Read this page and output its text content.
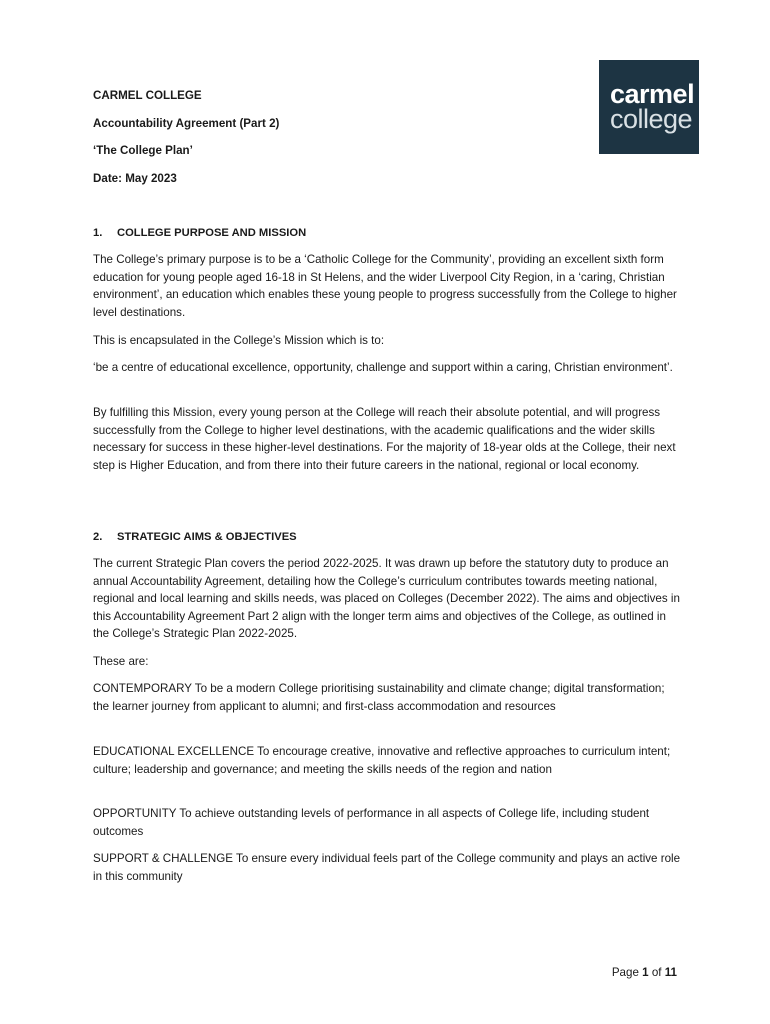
carmel
college
CARMEL COLLEGE
Accountability Agreement (Part 2)
‘The College Plan’
Date: May 2023
1. COLLEGE PURPOSE AND MISSION
The College’s primary purpose is to be a ‘Catholic College for the Community’, providing an excellent sixth form education for young people aged 16-18 in St Helens, and the wider Liverpool City Region, in a ‘caring, Christian environment’, an education which enables these young people to progress successfully from the College to higher level destinations.
This is encapsulated in the College’s Mission which is to:
‘be a centre of educational excellence, opportunity, challenge and support within a caring, Christian environment’.
By fulfilling this Mission, every young person at the College will reach their absolute potential, and will progress successfully from the College to higher level destinations, with the academic qualifications and the wider skills necessary for success in these higher-level destinations. For the majority of 18-year olds at the College, their next step is Higher Education, and from there into their future careers in the national, regional or local economy.
2. STRATEGIC AIMS & OBJECTIVES
The current Strategic Plan covers the period 2022-2025. It was drawn up before the statutory duty to produce an annual Accountability Agreement, detailing how the College’s curriculum contributes towards meeting national, regional and local learning and skills needs, was placed on Colleges (December 2022). The aims and objectives in this Accountability Agreement Part 2 align with the longer term aims and objectives of the College, as outlined in the College’s Strategic Plan 2022-2025.
These are:
CONTEMPORARY To be a modern College prioritising sustainability and climate change; digital transformation; the learner journey from applicant to alumni; and first-class accommodation and resources
EDUCATIONAL EXCELLENCE To encourage creative, innovative and reflective approaches to curriculum intent; culture; leadership and governance; and meeting the skills needs of the region and nation
OPPORTUNITY To achieve outstanding levels of performance in all aspects of College life, including student outcomes
SUPPORT & CHALLENGE To ensure every individual feels part of the College community and plays an active role in this community
Page 1 of 11
